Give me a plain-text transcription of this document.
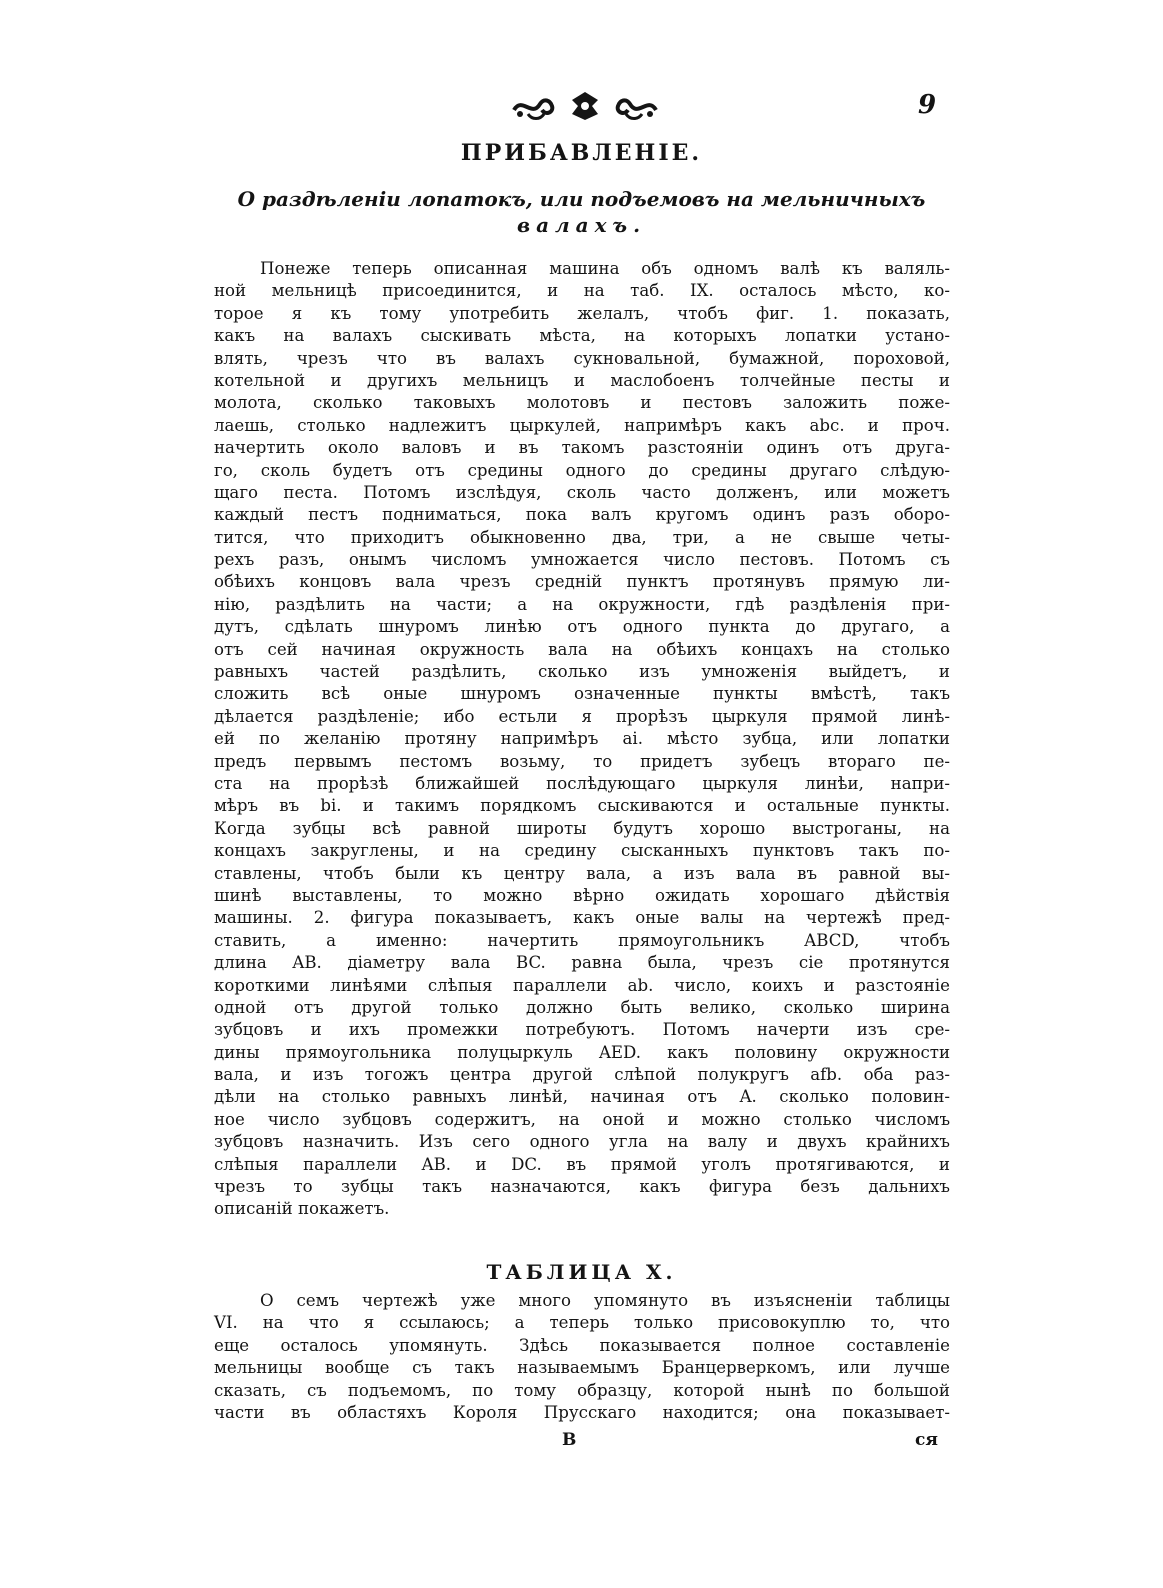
9
ПРИБАВЛЕНІЕ.
О раздѣленіи лопатокъ, или подъемовъ на мельничныхъ
валахъ.
Понеже теперь описанная машина объ одномъ валѣ къ валяль-
ной мельницѣ присоединится, и на таб. IX. осталось мѣсто, ко-
торое я къ тому употребить желалъ, чтобъ фиг. 1. показать,
какъ на валахъ сыскивать мѣста, на которыхъ лопатки устано-
влять, чрезъ что въ валахъ сукновальной, бумажной, пороховой,
котельной и другихъ мельницъ и маслобоенъ толчейные песты и
молота, сколько таковыхъ молотовъ и пестовъ заложить поже-
лаешь, столько надлежитъ цыркулей, напримѣръ какъ abc. и проч.
начертить около валовъ и въ такомъ разстояніи одинъ отъ друга-
го, сколь будетъ отъ средины одного до средины другаго слѣдую-
щаго песта. Потомъ изслѣдуя, сколь часто долженъ, или можетъ
каждый пестъ подниматься, пока валъ кругомъ одинъ разъ оборо-
тится, что приходитъ обыкновенно два, три, а не свыше четы-
рехъ разъ, онымъ числомъ умножается число пестовъ. Потомъ съ
обѣихъ концовъ вала чрезъ средній пунктъ протянувъ прямую ли-
нію, раздѣлить на части; а на окружности, гдѣ раздѣленія при-
дутъ, сдѣлать шнуромъ линѣю отъ одного пункта до другаго, а
отъ сей начиная окружность вала на обѣихъ концахъ на столько
равныхъ частей раздѣлить, сколько изъ умноженія выйдетъ, и
сложить всѣ оные шнуромъ означенные пункты вмѣстѣ, такъ
дѣлается раздѣленіе; ибо естьли я прорѣзъ цыркуля прямой линѣ-
ей по желанію протяну напримѣръ ai. мѣсто зубца, или лопатки
предъ первымъ пестомъ возьму, то придетъ зубецъ втораго пе-
ста на прорѣзѣ ближайшей послѣдующаго цыркуля линѣи, напри-
мѣръ въ bi. и такимъ порядкомъ сыскиваются и остальные пункты.
Когда зубцы всѣ равной широты будутъ хорошо выстроганы, на
концахъ закруглены, и на средину сысканныхъ пунктовъ такъ по-
ставлены, чтобъ были къ центру вала, а изъ вала въ равной вы-
шинѣ выставлены, то можно вѣрно ожидать хорошаго дѣйствія
машины. 2. фигура показываетъ, какъ оные валы на чертежѣ пред-
ставить, а именно: начертить прямоугольникъ ABCD, чтобъ
длина AB. діаметру вала BC. равна была, чрезъ сіе протянутся
короткими линѣями слѣпыя параллели ab. число, коихъ и разстояніе
одной отъ другой только должно быть велико, сколько ширина
зубцовъ и ихъ промежки потребуютъ. Потомъ начерти изъ сре-
дины прямоугольника полуцыркуль AED. какъ половину окружности
вала, и изъ тогожъ центра другой слѣпой полукругъ afb. оба раз-
дѣли на столько равныхъ линѣй, начиная отъ A. сколько половин-
ное число зубцовъ содержитъ, на оной и можно столько числомъ
зубцовъ назначить. Изъ сего одного угла на валу и двухъ крайнихъ
слѣпыя параллели AB. и DC. въ прямой уголъ протягиваются, и
чрезъ то зубцы такъ назначаются, какъ фигура безъ дальнихъ
описаній покажетъ.
ТАБЛИЦА X.
О семъ чертежѣ уже много упомянуто въ изъясненіи таблицы
VI. на что я ссылаюсь; а теперь только присовокуплю то, что
еще осталось упомянуть. Здѣсь показывается полное составленіе
мельницы вообще съ такъ называемымъ Бранцерверкомъ, или лучше
сказать, съ подъемомъ, по тому образцу, которой нынѣ по большой
части въ областяхъ Короля Прусскаго находится; она показывает-
B	ся
